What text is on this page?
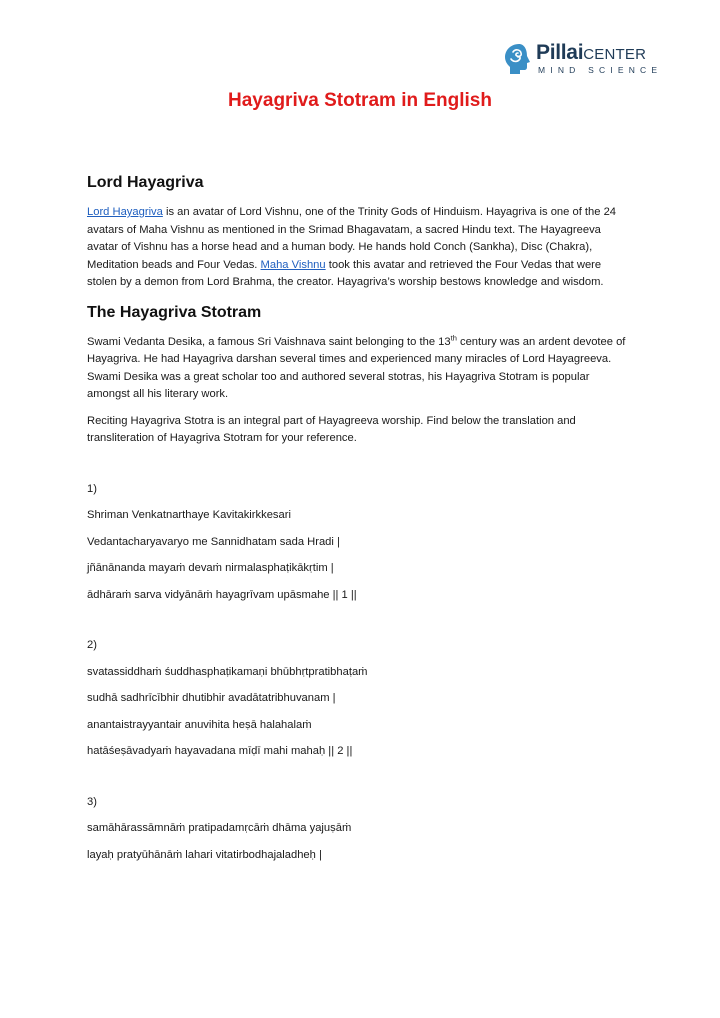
PillaiCENTER
MIND SCIENCE
Hayagriva Stotram in English
Lord Hayagriva

Lord Hayagriva is an avatar of Lord Vishnu, one of the Trinity Gods of Hinduism. Hayagriva is one of the 24 avatars of Maha Vishnu as mentioned in the Srimad Bhagavatam, a sacred Hindu text. The Hayagreeva avatar of Vishnu has a horse head and a human body. He hands hold Conch (Sankha), Disc (Chakra), Meditation beads and Four Vedas. Maha Vishnu took this avatar and retrieved the Four Vedas that were stolen by a demon from Lord Brahma, the creator. Hayagriva’s worship bestows knowledge and wisdom.

The Hayagriva Stotram

Swami Vedanta Desika, a famous Sri Vaishnava saint belonging to the 13th century was an ardent devotee of Hayagriva. He had Hayagriva darshan several times and experienced many miracles of Lord Hayagreeva. Swami Desika was a great scholar too and authored several stotras, his Hayagriva Stotram is popular amongst all his literary work.

Reciting Hayagriva Stotra is an integral part of Hayagreeva worship. Find below the translation and transliteration of Hayagriva Stotram for your reference.

1)
Shriman Venkatnarthaye Kavitakirkkesari
Vedantacharyavaryo me Sannidhatam sada Hradi |
jñānānanda mayaṁ devaṁ nirmalasphaṭikākṛtim |
ādhāraṁ sarva vidyānāṁ hayagrīvam upāsmahe || 1 ||
2)
svatassiddhaṁ śuddhasphaṭikamaṇi bhūbhṛtpratibhaṭaṁ
sudhā sadhrīcībhir dhutibhir avadātatribhuvanam |
anantaistrayyantair anuvihita heṣā halahalaṁ
hatāśeṣāvadyaṁ hayavadana mīḍī mahi mahaḥ || 2 ||
3)
samāhārassāmnāṁ pratipadamṛcāṁ dhāma yajuṣāṁ
layaḥ pratyūhānāṁ lahari vitatirbodhajaladheḥ |
